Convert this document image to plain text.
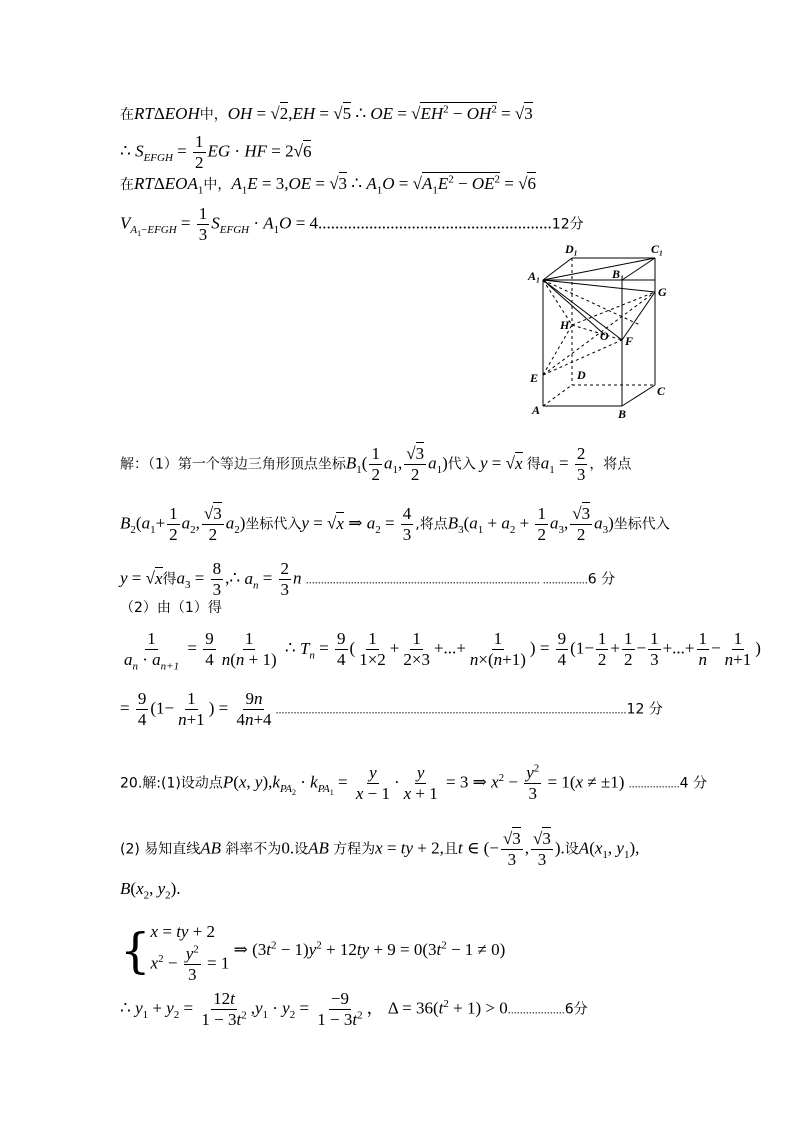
在RTΔEOH中，OH = √2,EH = √5 ∴ OE = $√EH^2 - OH^2 = √3$
∴ $S_{EFGH} = \frac{1}{2}$ EG · HF = 2√6
在$RT\Delta EOA_1$中，$A_1E = 3,OE = √3$ ∴ $A_1O = √A_1E^2 - OE^2 = √6$
$V_{A_1-EFGH} = \frac{1}{3} S_{EFGH} \cdot A_1O = 4.......................................................12$分
D₁	C₁
A₁	B₁
G
H
O F
E	D
C
A	B
解：（1）第一个等边三角形顶点坐标$B_1( \frac{1}{2} a_1$, $\frac{√3}{2} a_1$)代入 y = √x 得$a_1 = \frac{2}{3}$ ，将点
$B_2(a_1+ \frac{1}{2} a_2$, $\frac{√3}{2} a_2$)坐标代入y = √x ⇒ $a_2 = \frac{4}{3}$ ,将点$B_3(a_1 + a_2 + \frac{1}{2} a_3$, $\frac{√3}{2} a_3$)坐标代入
y = √x得$a_3 = \frac{8}{3}$ ,∴ $a_n = \frac{2}{3}$ n .............................................................................. ...............6 分
（2）由（1）得
$\frac{1}{a_n \cdot a_{n+1}} = \frac{9}{4} \frac{1}{n(n + 1)}$ ∴ $T_n = \frac{9}{4}$ ( $\frac{1}{1\times 2} + \frac{1}{2\times 3}$ +...+ $\frac{1}{n\times(n+1)}$ ) = $\frac{9}{4} (1- \frac{1}{2} + \frac{1}{2} - \frac{1}{3}$ +...+ $\frac{1}{n} - \frac{1}{n+1}$ )
= $\frac{9}{4} (1- \frac{1}{n+1}$ ) = $\frac{9n}{4n+4} .....................................................................................................................12$ 分
20.解:(1)设动点P(x, $y),k_{PA_2} \cdot k_{PA_1} = \frac{y}{x - 1} \cdot \frac{y}{x + 1} = 3$ ⇒ $x^2 - \frac{y^2}{3} = 1(x \ne \pm 1)$ .................4 分
(2) 易知直线AB 斜率不为0.设AB 方程为x = ty + 2,且t ∈ (− $\frac{√3}{3}$ , $\frac{√3}{3}$ ).设$A(x_1$, $y_1$),
$B(x_2$, $y_2$).
{ x = ty + 2
$x^2 - \frac{y^2}{3} = 1$
⇒ $(3t^2 - 1)y^2 + 12ty + 9 = 0(3t^2 - 1 \ne 0)$
∴ $y_1 + y_2 = \frac{12t}{1 - 3t^2} ,y_1 \cdot y_2 = \frac{-9}{1 - 3t^2}$ ， $\Delta = 36(t^2 + 1) > 0...................6$分
